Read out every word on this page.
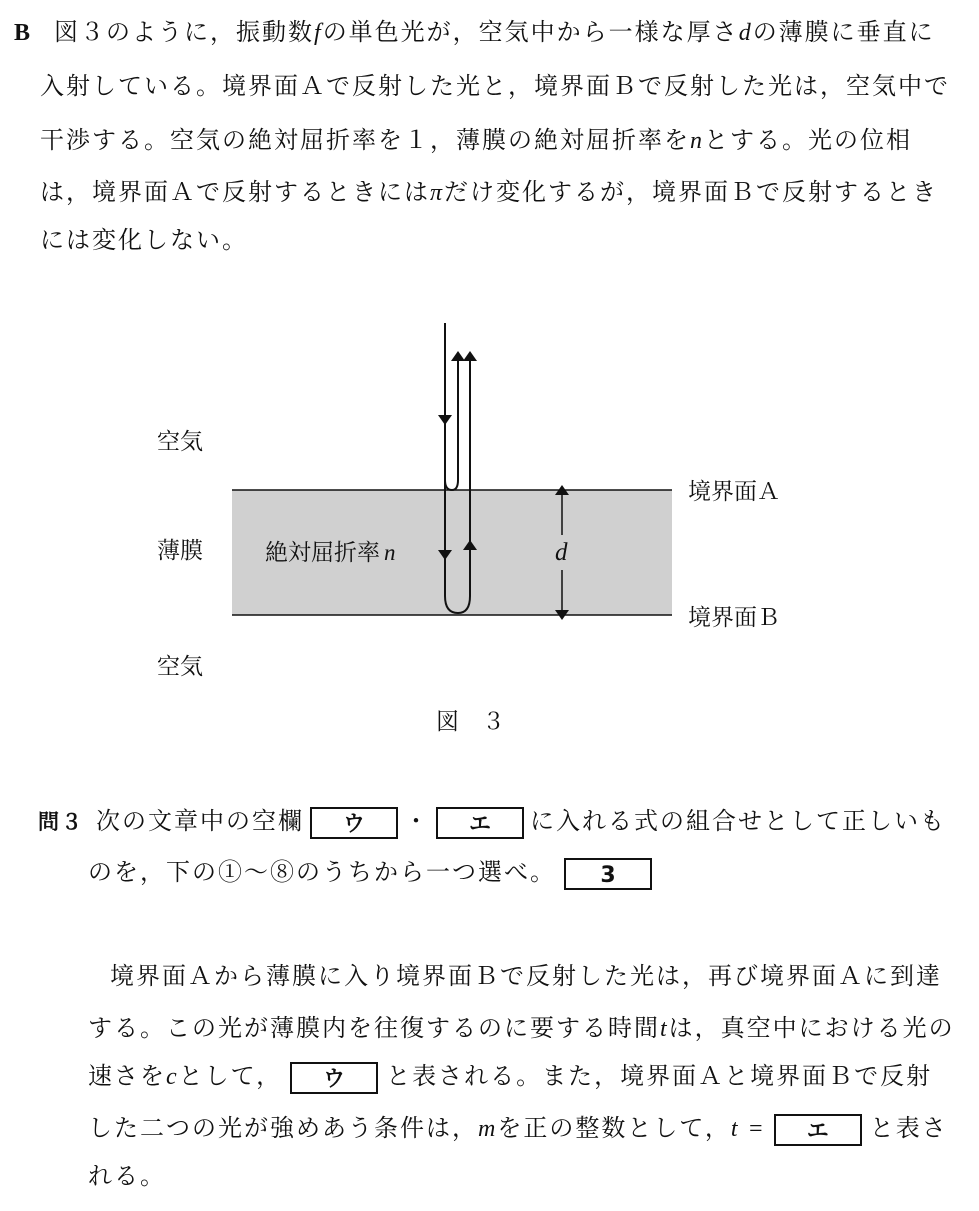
B 図３のように，振動数fの単色光が，空気中から一様な厚さdの薄膜に垂直に
入射している。境界面Ａで反射した光と，境界面Ｂで反射した光は，空気中で
干渉する。空気の絶対屈折率を１，薄膜の絶対屈折率をnとする。光の位相
は，境界面Ａで反射するときにはπだけ変化するが，境界面Ｂで反射するとき
には変化しない。
空気
薄膜
空気
絶対屈折率 n	d
境界面Ａ
境界面Ｂ
図　３
問３ 次の文章中の空欄 ウ ・ エ に入れる式の組合せとして正しいも
のを，下の①～⑧のうちから一つ選べ。 3
境界面Ａから薄膜に入り境界面Ｂで反射した光は，再び境界面Ａに到達
する。この光が薄膜内を往復するのに要する時間tは，真空中における光の
速さをcとして， ウ と表される。また，境界面Ａと境界面Ｂで反射
した二つの光が強めあう条件は，mを正の整数として，t = エ と表さ
れる。
